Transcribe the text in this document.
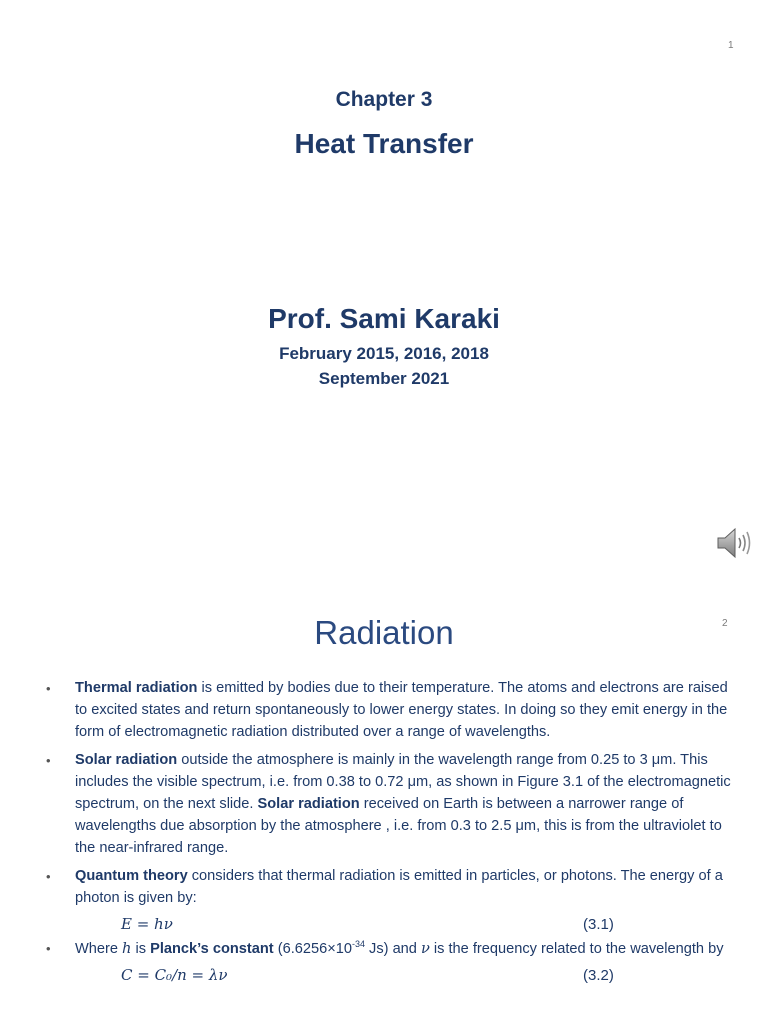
1
Chapter 3
Heat Transfer
Prof. Sami Karaki
February 2015, 2016, 2018
September 2021
2
Radiation
• Thermal radiation is emitted by bodies due to their temperature. The atoms and electrons are raised to excited states and return spontaneously to lower energy states. In doing so they emit energy in the form of electromagnetic radiation distributed over a range of wavelengths.
• Solar radiation outside the atmosphere is mainly in the wavelength range from 0.25 to 3 μm. This includes the visible spectrum, i.e. from 0.38 to 0.72 μm, as shown in Figure 3.1 of the electromagnetic spectrum, on the next slide. Solar radiation received on Earth is between a narrower range of wavelengths due absorption by the atmosphere , i.e. from 0.3 to 2.5 μm, this is from the ultraviolet to the near-infrared range.
• Quantum theory considers that thermal radiation is emitted in particles, or photons. The energy of a photon is given by:
E = hν	(3.1)
• Where h is Planck’s constant ($6.6256\times 10^{-34}$ Js) and ν is the frequency related to the wavelength by
C = C₀/n = λν	(3.2)
